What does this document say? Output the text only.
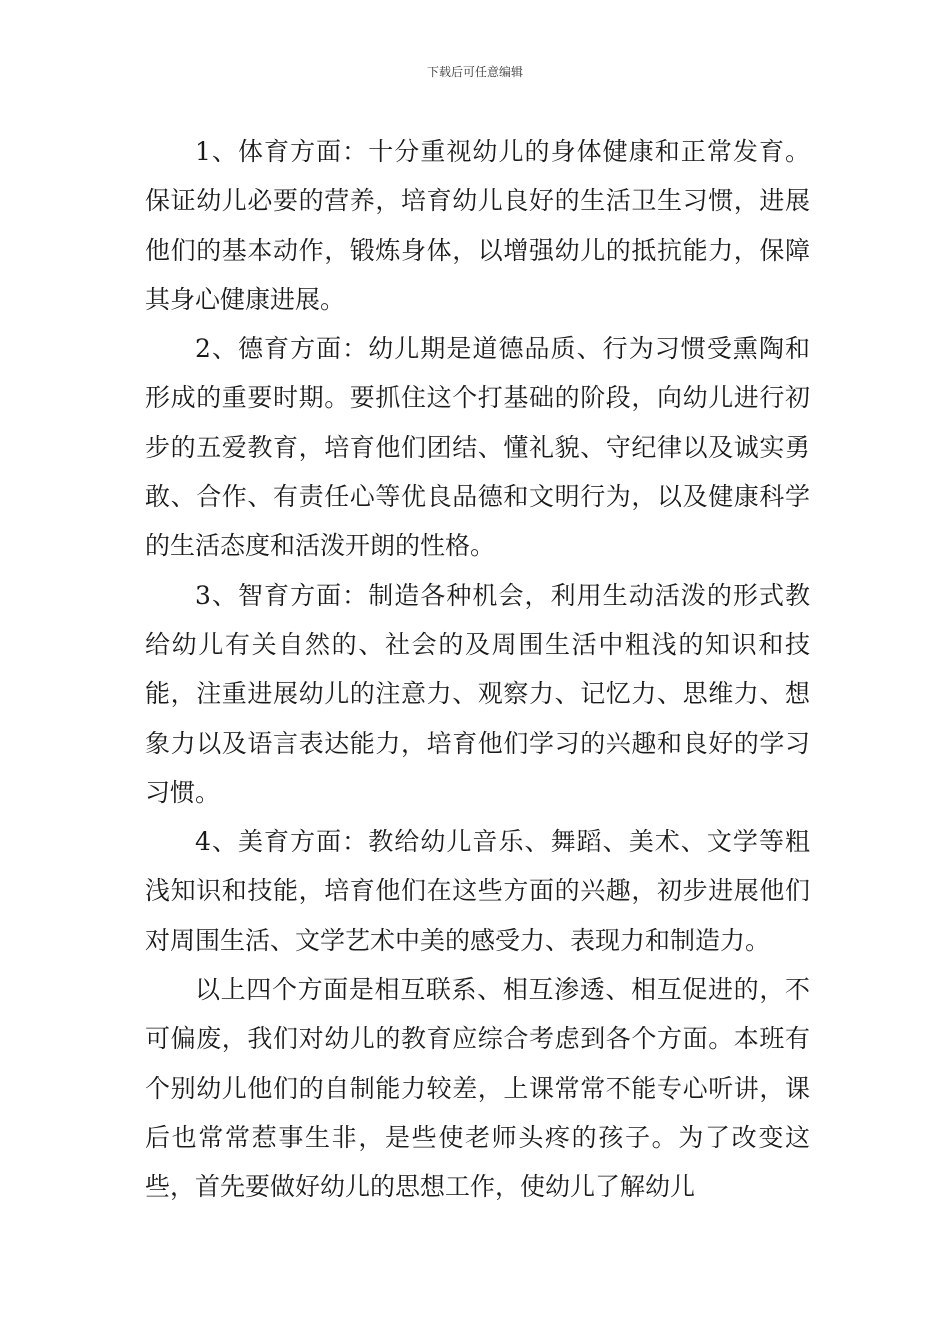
下载后可任意编辑

1、体育方面：十分重视幼儿的身体健康和正常发育。保证幼儿必要的营养，培育幼儿良好的生活卫生习惯，进展他们的基本动作，锻炼身体，以增强幼儿的抵抗能力，保障其身心健康进展。

2、德育方面：幼儿期是道德品质、行为习惯受熏陶和形成的重要时期。要抓住这个打基础的阶段，向幼儿进行初步的五爱教育，培育他们团结、懂礼貌、守纪律以及诚实勇敢、合作、有责任心等优良品德和文明行为，以及健康科学的生活态度和活泼开朗的性格。

3、智育方面：制造各种机会，利用生动活泼的形式教给幼儿有关自然的、社会的及周围生活中粗浅的知识和技能，注重进展幼儿的注意力、观察力、记忆力、思维力、想象力以及语言表达能力，培育他们学习的兴趣和良好的学习习惯。

4、美育方面：教给幼儿音乐、舞蹈、美术、文学等粗浅知识和技能，培育他们在这些方面的兴趣，初步进展他们对周围生活、文学艺术中美的感受力、表现力和制造力。

以上四个方面是相互联系、相互渗透、相互促进的，不可偏废，我们对幼儿的教育应综合考虑到各个方面。本班有个别幼儿他们的自制能力较差，上课常常不能专心听讲，课后也常常惹事生非，是些使老师头疼的孩子。为了改变这些，首先要做好幼儿的思想工作，使幼儿了解幼儿
